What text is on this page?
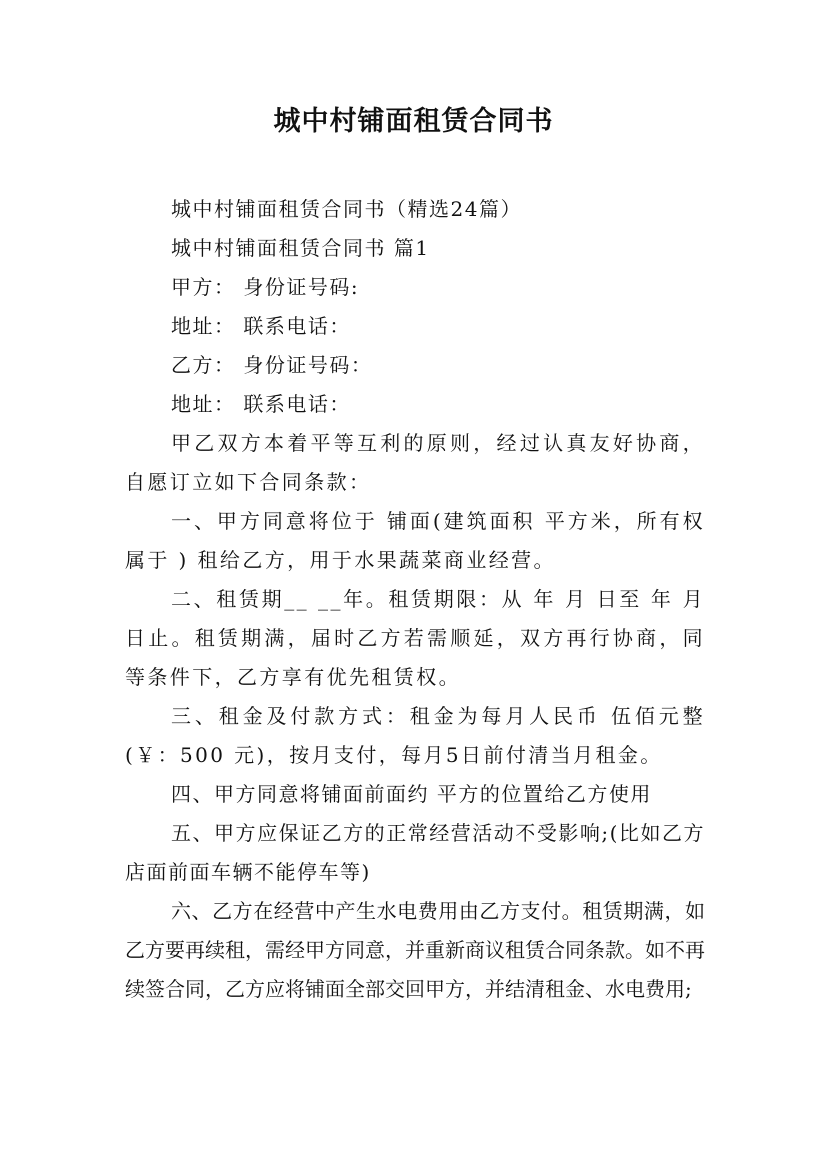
城中村铺面租赁合同书

城中村铺面租赁合同书（精选24篇）

城中村铺面租赁合同书 篇1

甲方： 身份证号码:

地址： 联系电话：

乙方： 身份证号码：

地址： 联系电话：

甲乙双方本着平等互利的原则，经过认真友好协商，自愿订立如下合同条款：

一、甲方同意将位于 铺面(建筑面积 平方米，所有权属于 ) 租给乙方，用于水果蔬菜商业经营。

二、租赁期__ __年。租赁期限：从 年 月 日至 年 月 日止。租赁期满，届时乙方若需顺延，双方再行协商，同等条件下，乙方享有优先租赁权。

三、租金及付款方式：租金为每月人民币 伍佰元整(￥：500 元)，按月支付，每月5日前付清当月租金。

四、甲方同意将铺面前面约 平方的位置给乙方使用

五、甲方应保证乙方的正常经营活动不受影响;(比如乙方店面前面车辆不能停车等)

六、乙方在经营中产生水电费用由乙方支付。租赁期满，如乙方要再续租，需经甲方同意，并重新商议租赁合同条款。如不再续签合同，乙方应将铺面全部交回甲方，并结清租金、水电费用;
